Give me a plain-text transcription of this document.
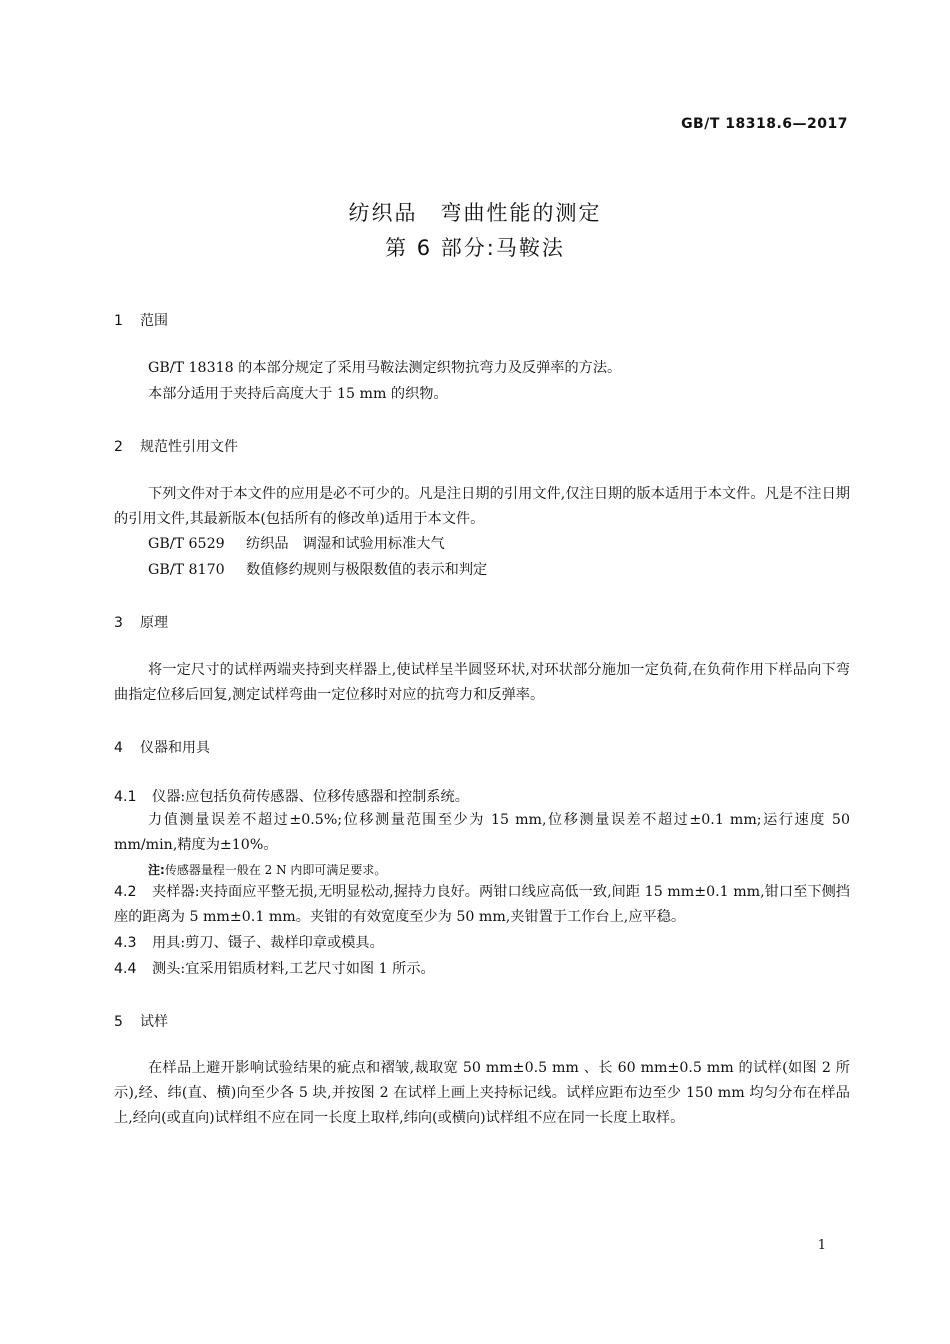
GB/T 18318.6—2017
纺织品　弯曲性能的测定
第 6 部分:马鞍法
1 范围
GB/T 18318 的本部分规定了采用马鞍法测定织物抗弯力及反弹率的方法。
本部分适用于夹持后高度大于 15 mm 的织物。
2 规范性引用文件
下列文件对于本文件的应用是必不可少的。凡是注日期的引用文件,仅注日期的版本适用于本文件。凡是不注日期的引用文件,其最新版本(包括所有的修改单)适用于本文件。
GB/T 6529 纺织品　调湿和试验用标准大气
GB/T 8170 数值修约规则与极限数值的表示和判定
3 原理
将一定尺寸的试样两端夹持到夹样器上,使试样呈半圆竖环状,对环状部分施加一定负荷,在负荷作用下样品向下弯曲指定位移后回复,测定试样弯曲一定位移时对应的抗弯力和反弹率。
4 仪器和用具
4.1 仪器:应包括负荷传感器、位移传感器和控制系统。
力值测量误差不超过±0.5%;位移测量范围至少为 15 mm,位移测量误差不超过±0.1 mm;运行速度 50 mm/min,精度为±10%。
注:传感器量程一般在 2 N 内即可满足要求。
4.2 夹样器:夹持面应平整无损,无明显松动,握持力良好。两钳口线应高低一致,间距 15 mm±0.1 mm,钳口至下侧挡座的距离为 5 mm±0.1 mm。夹钳的有效宽度至少为 50 mm,夹钳置于工作台上,应平稳。
4.3 用具:剪刀、镊子、裁样印章或模具。
4.4 测头:宜采用铝质材料,工艺尺寸如图 1 所示。
5 试样
在样品上避开影响试验结果的疵点和褶皱,裁取宽 50 mm±0.5 mm 、长 60 mm±0.5 mm 的试样(如图 2 所示),经、纬(直、横)向至少各 5 块,并按图 2 在试样上画上夹持标记线。试样应距布边至少 150 mm 均匀分布在样品上,经向(或直向)试样组不应在同一长度上取样,纬向(或横向)试样组不应在同一长度上取样。
1
